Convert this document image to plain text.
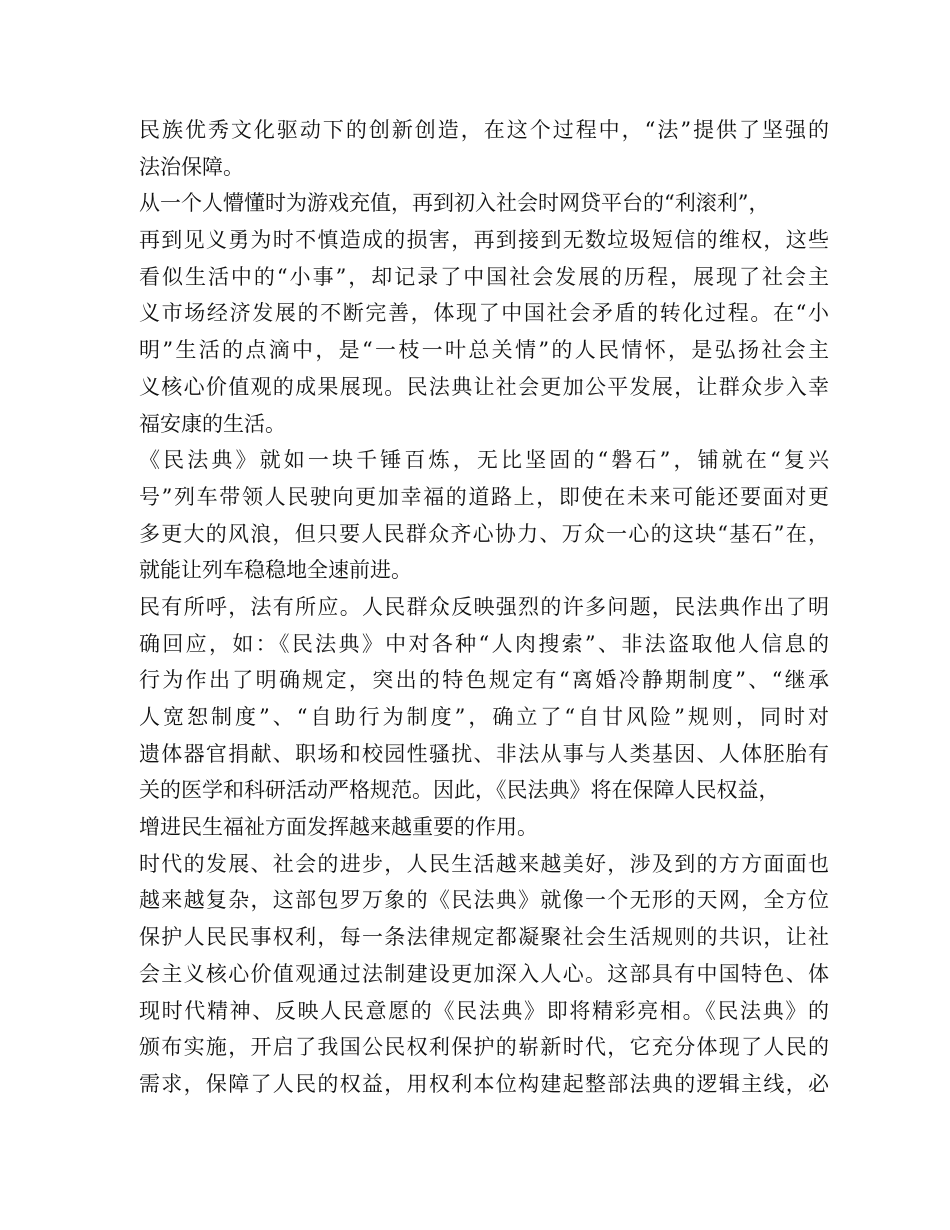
民族优秀文化驱动下的创新创造，在这个过程中，“法”提供了坚强的
法治保障。
从一个人懵懂时为游戏充值，再到初入社会时网贷平台的“利滚利”，
再到见义勇为时不慎造成的损害，再到接到无数垃圾短信的维权，这些
看似生活中的“小事”，却记录了中国社会发展的历程，展现了社会主
义市场经济发展的不断完善，体现了中国社会矛盾的转化过程。在“小
明”生活的点滴中，是“一枝一叶总关情”的人民情怀，是弘扬社会主
义核心价值观的成果展现。民法典让社会更加公平发展，让群众步入幸
福安康的生活。
《民法典》就如一块千锤百炼，无比坚固的“磐石”，铺就在“复兴
号”列车带领人民驶向更加幸福的道路上，即使在未来可能还要面对更
多更大的风浪，但只要人民群众齐心协力、万众一心的这块“基石”在，
就能让列车稳稳地全速前进。
民有所呼，法有所应。人民群众反映强烈的许多问题，民法典作出了明
确回应，如：《民法典》中对各种“人肉搜索”、非法盗取他人信息的
行为作出了明确规定，突出的特色规定有“离婚冷静期制度”、“继承
人宽恕制度”、“自助行为制度”，确立了“自甘风险”规则，同时对
遗体器官捐献、职场和校园性骚扰、非法从事与人类基因、人体胚胎有
关的医学和科研活动严格规范。因此，《民法典》将在保障人民权益，
增进民生福祉方面发挥越来越重要的作用。
时代的发展、社会的进步，人民生活越来越美好，涉及到的方方面面也
越来越复杂，这部包罗万象的《民法典》就像一个无形的天网，全方位
保护人民民事权利，每一条法律规定都凝聚社会生活规则的共识，让社
会主义核心价值观通过法制建设更加深入人心。这部具有中国特色、体
现时代精神、反映人民意愿的《民法典》即将精彩亮相。《民法典》的
颁布实施，开启了我国公民权利保护的崭新时代，它充分体现了人民的
需求，保障了人民的权益，用权利本位构建起整部法典的逻辑主线，必
